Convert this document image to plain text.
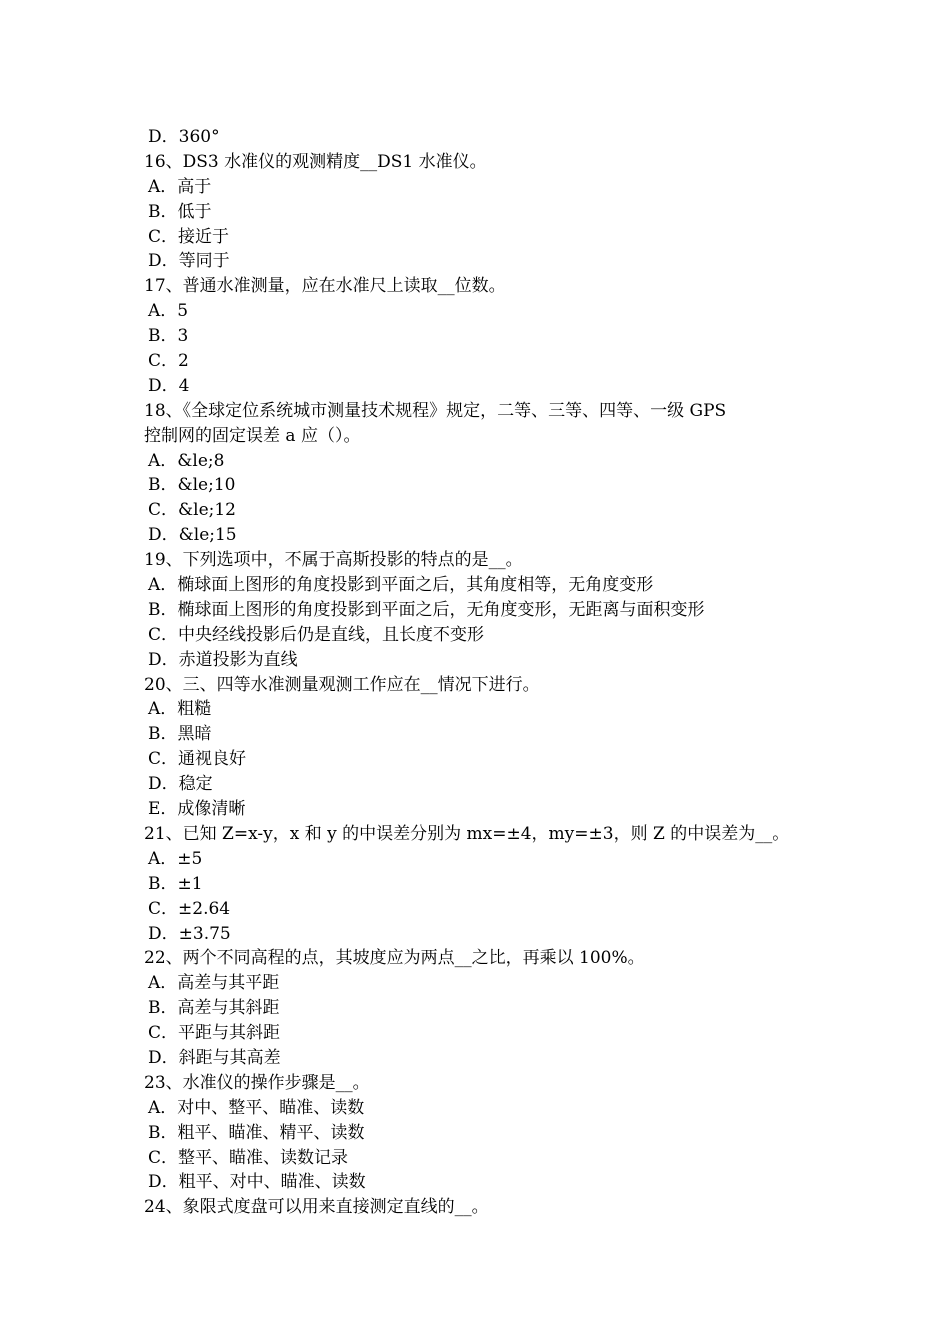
D．360°
16、DS3 水准仪的观测精度__DS1 水准仪。
A．高于
B．低于
C．接近于
D．等同于
17、普通水准测量，应在水准尺上读取__位数。
A．5
B．3
C．2
D．4
18、《全球定位系统城市测量技术规程》规定，二等、三等、四等、一级 GPS
控制网的固定误差 a 应（）。
A．&le;8
B．&le;10
C．&le;12
D．&le;15
19、下列选项中，不属于高斯投影的特点的是__。
A．椭球面上图形的角度投影到平面之后，其角度相等，无角度变形
B．椭球面上图形的角度投影到平面之后，无角度变形，无距离与面积变形
C．中央经线投影后仍是直线，且长度不变形
D．赤道投影为直线
20、三、四等水准测量观测工作应在__情况下进行。
A．粗糙
B．黑暗
C．通视良好
D．稳定
E．成像清晰
21、已知 Z=x-y，x 和 y 的中误差分别为 mx=±4，my=±3，则 Z 的中误差为__。
A．±5
B．±1
C．±2.64
D．±3.75
22、两个不同高程的点，其坡度应为两点__之比，再乘以 100%。
A．高差与其平距
B．高差与其斜距
C．平距与其斜距
D．斜距与其高差
23、水准仪的操作步骤是__。
A．对中、整平、瞄准、读数
B．粗平、瞄准、精平、读数
C．整平、瞄准、读数记录
D．粗平、对中、瞄准、读数
24、象限式度盘可以用来直接测定直线的__。
